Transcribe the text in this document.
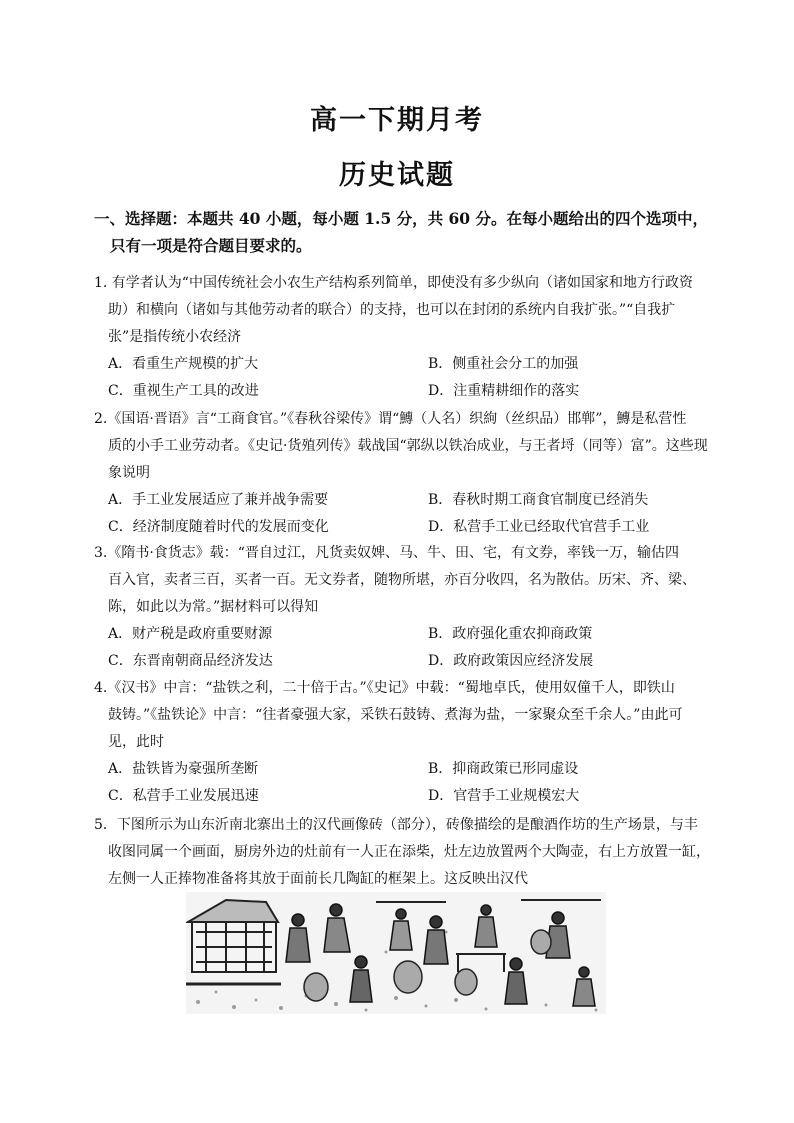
高一下期月考
历史试题
一、选择题：本题共 40 小题，每小题 1.5 分，共 60 分。在每小题给出的四个选项中，
只有一项是符合题目要求的。

1. 有学者认为“中国传统社会小农生产结构系列简单，即使没有多少纵向（诸如国家和地方行政资
助）和横向（诸如与其他劳动者的联合）的支持，也可以在封闭的系统内自我扩张。”“自我扩
张”是指传统小农经济

A．看重生产规模的扩大	B．侧重社会分工的加强
C．重视生产工具的改进	D．注重精耕细作的落实

2.《国语·晋语》言“工商食官。”《春秋谷梁传》谓“鱄（人名）织絇（丝织品）邯郸”，鱄是私营性
质的小手工业劳动者。《史记·货殖列传》载战国“郭纵以铁冶成业，与王者埒（同等）富”。这些现
象说明

A．手工业发展适应了兼并战争需要	B．春秋时期工商食官制度已经消失
C．经济制度随着时代的发展而变化	D．私营手工业已经取代官营手工业

3.《隋书·食货志》载：“晋自过江，凡货卖奴婢、马、牛、田、宅，有文券，率钱一万，输估四
百入官，卖者三百，买者一百。无文券者，随物所堪，亦百分收四，名为散估。历宋、齐、梁、
陈，如此以为常。”据材料可以得知

A．财产税是政府重要财源	B．政府强化重农抑商政策
C．东晋南朝商品经济发达	D．政府政策因应经济发展

4.《汉书》中言：“盐铁之利，二十倍于古。”《史记》中载：“蜀地卓氏，使用奴僮千人，即铁山
鼓铸。”《盐铁论》中言：“往者豪强大家，采铁石鼓铸、煮海为盐，一家聚众至千余人。”由此可
见，此时

A．盐铁皆为豪强所垄断	B．抑商政策已形同虚设
C．私营手工业发展迅速	D．官营手工业规模宏大

5．下图所示为山东沂南北寨出土的汉代画像砖（部分），砖像描绘的是酿酒作坊的生产场景，与丰
收图同属一个画面，厨房外边的灶前有一人正在添柴，灶左边放置两个大陶壶，右上方放置一缸，
左侧一人正捧物准备将其放于面前长几陶缸的框架上。这反映出汉代
